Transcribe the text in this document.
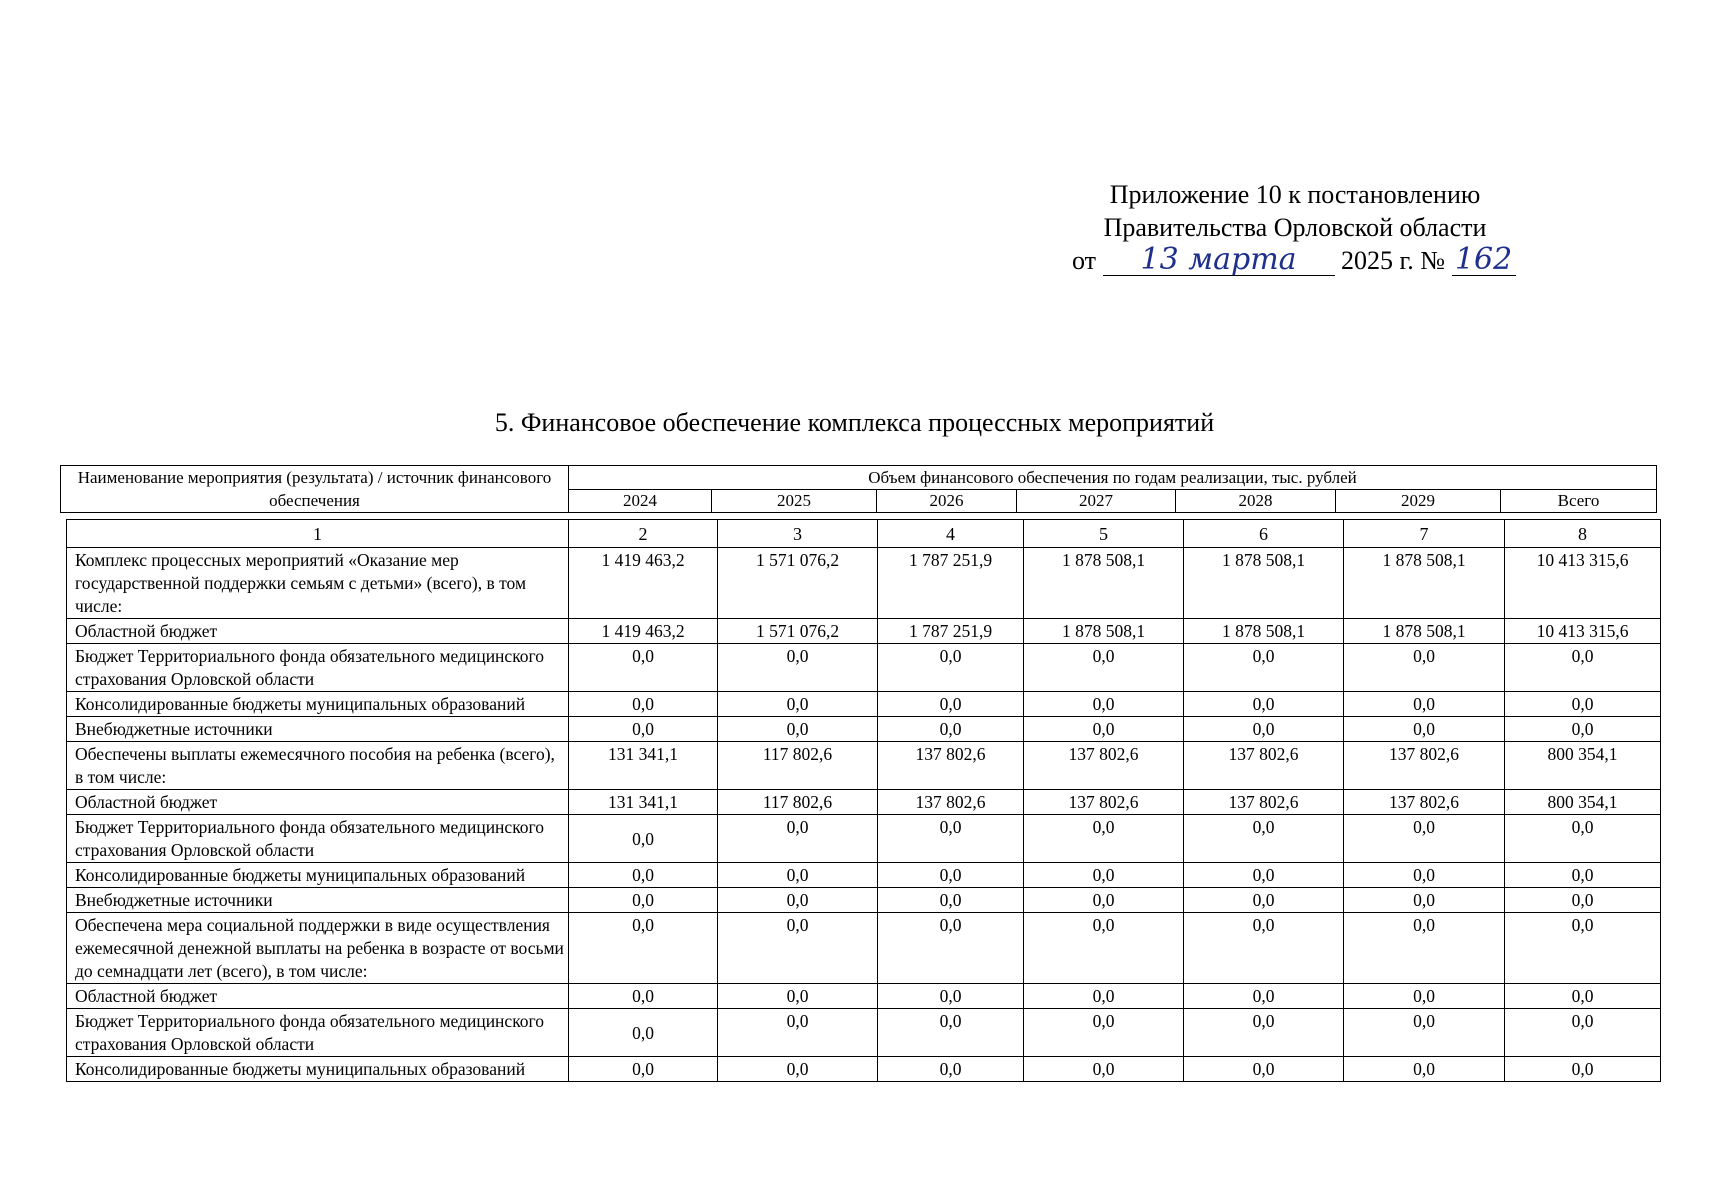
Приложение 10 к постановлению
Правительства Орловской области
от 13 марта 2025 г. № 162
5. Финансовое обеспечение комплекса процессных мероприятий
Наименование мероприятия (результата) / источник финансового обеспечения	Объем финансового обеспечения по годам реализации, тыс. рублей						
	2024	2025	2026	2027	2028	2029	Всего
1	2	3	4	5	6	7	8
Комплекс процессных мероприятий «Оказание мер государственной поддержки семьям с детьми» (всего), в том числе:	1 419 463,2	1 571 076,2	1 787 251,9	1 878 508,1	1 878 508,1	1 878 508,1	10 413 315,6
Областной бюджет	1 419 463,2	1 571 076,2	1 787 251,9	1 878 508,1	1 878 508,1	1 878 508,1	10 413 315,6
Бюджет Территориального фонда обязательного медицинского страхования Орловской области	0,0	0,0	0,0	0,0	0,0	0,0	0,0
Консолидированные бюджеты муниципальных образований	0,0	0,0	0,0	0,0	0,0	0,0	0,0
Внебюджетные источники	0,0	0,0	0,0	0,0	0,0	0,0	0,0
Обеспечены выплаты ежемесячного пособия на ребенка (всего), в том числе:	131 341,1	117 802,6	137 802,6	137 802,6	137 802,6	137 802,6	800 354,1
Областной бюджет	131 341,1	117 802,6	137 802,6	137 802,6	137 802,6	137 802,6	800 354,1
Бюджет Территориального фонда обязательного медицинского страхования Орловской области	0,0	0,0	0,0	0,0	0,0	0,0	0,0
Консолидированные бюджеты муниципальных образований	0,0	0,0	0,0	0,0	0,0	0,0	0,0
Внебюджетные источники	0,0	0,0	0,0	0,0	0,0	0,0	0,0
Обеспечена мера социальной поддержки в виде осуществления ежемесячной денежной выплаты на ребенка в возрасте от восьми до семнадцати лет (всего), в том числе:	0,0	0,0	0,0	0,0	0,0	0,0	0,0
Областной бюджет	0,0	0,0	0,0	0,0	0,0	0,0	0,0
Бюджет Территориального фонда обязательного медицинского страхования Орловской области	0,0	0,0	0,0	0,0	0,0	0,0	0,0
Консолидированные бюджеты муниципальных образований	0,0	0,0	0,0	0,0	0,0	0,0	0,0
